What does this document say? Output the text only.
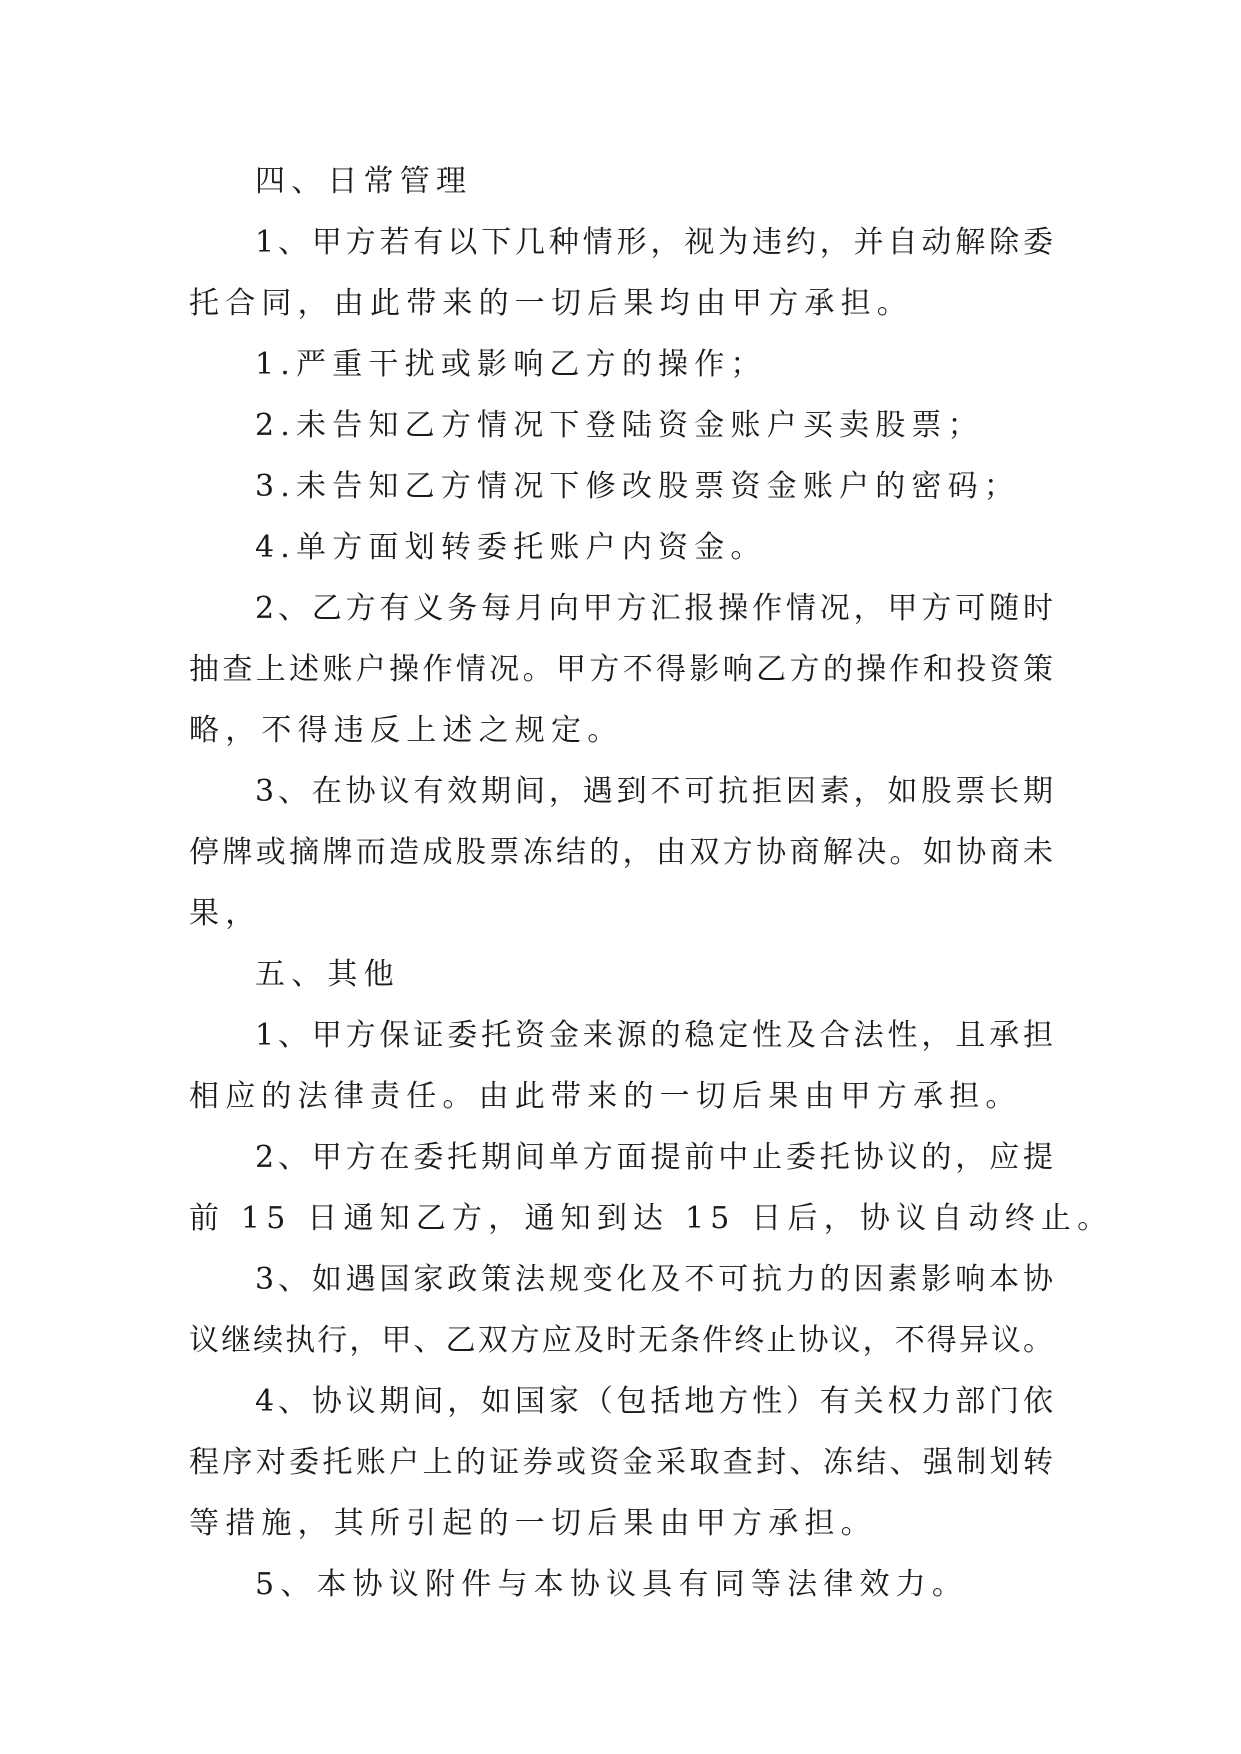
四、日常管理
1、甲方若有以下几种情形，视为违约，并自动解除委
托合同，由此带来的一切后果均由甲方承担。
1.严重干扰或影响乙方的操作；
2.未告知乙方情况下登陆资金账户买卖股票；
3.未告知乙方情况下修改股票资金账户的密码；
4.单方面划转委托账户内资金。
2、乙方有义务每月向甲方汇报操作情况，甲方可随时
抽查上述账户操作情况。甲方不得影响乙方的操作和投资策
略，不得违反上述之规定。
3、在协议有效期间，遇到不可抗拒因素，如股票长期
停牌或摘牌而造成股票冻结的，由双方协商解决。如协商未
果，
五、其他
1、甲方保证委托资金来源的稳定性及合法性，且承担
相应的法律责任。由此带来的一切后果由甲方承担。
2、甲方在委托期间单方面提前中止委托协议的，应提
前 15 日通知乙方，通知到达 15 日后，协议自动终止。
3、如遇国家政策法规变化及不可抗力的因素影响本协
议继续执行，甲、乙双方应及时无条件终止协议，不得异议。
4、协议期间，如国家（包括地方性）有关权力部门依
程序对委托账户上的证券或资金采取查封、冻结、强制划转
等措施，其所引起的一切后果由甲方承担。
5、本协议附件与本协议具有同等法律效力。
